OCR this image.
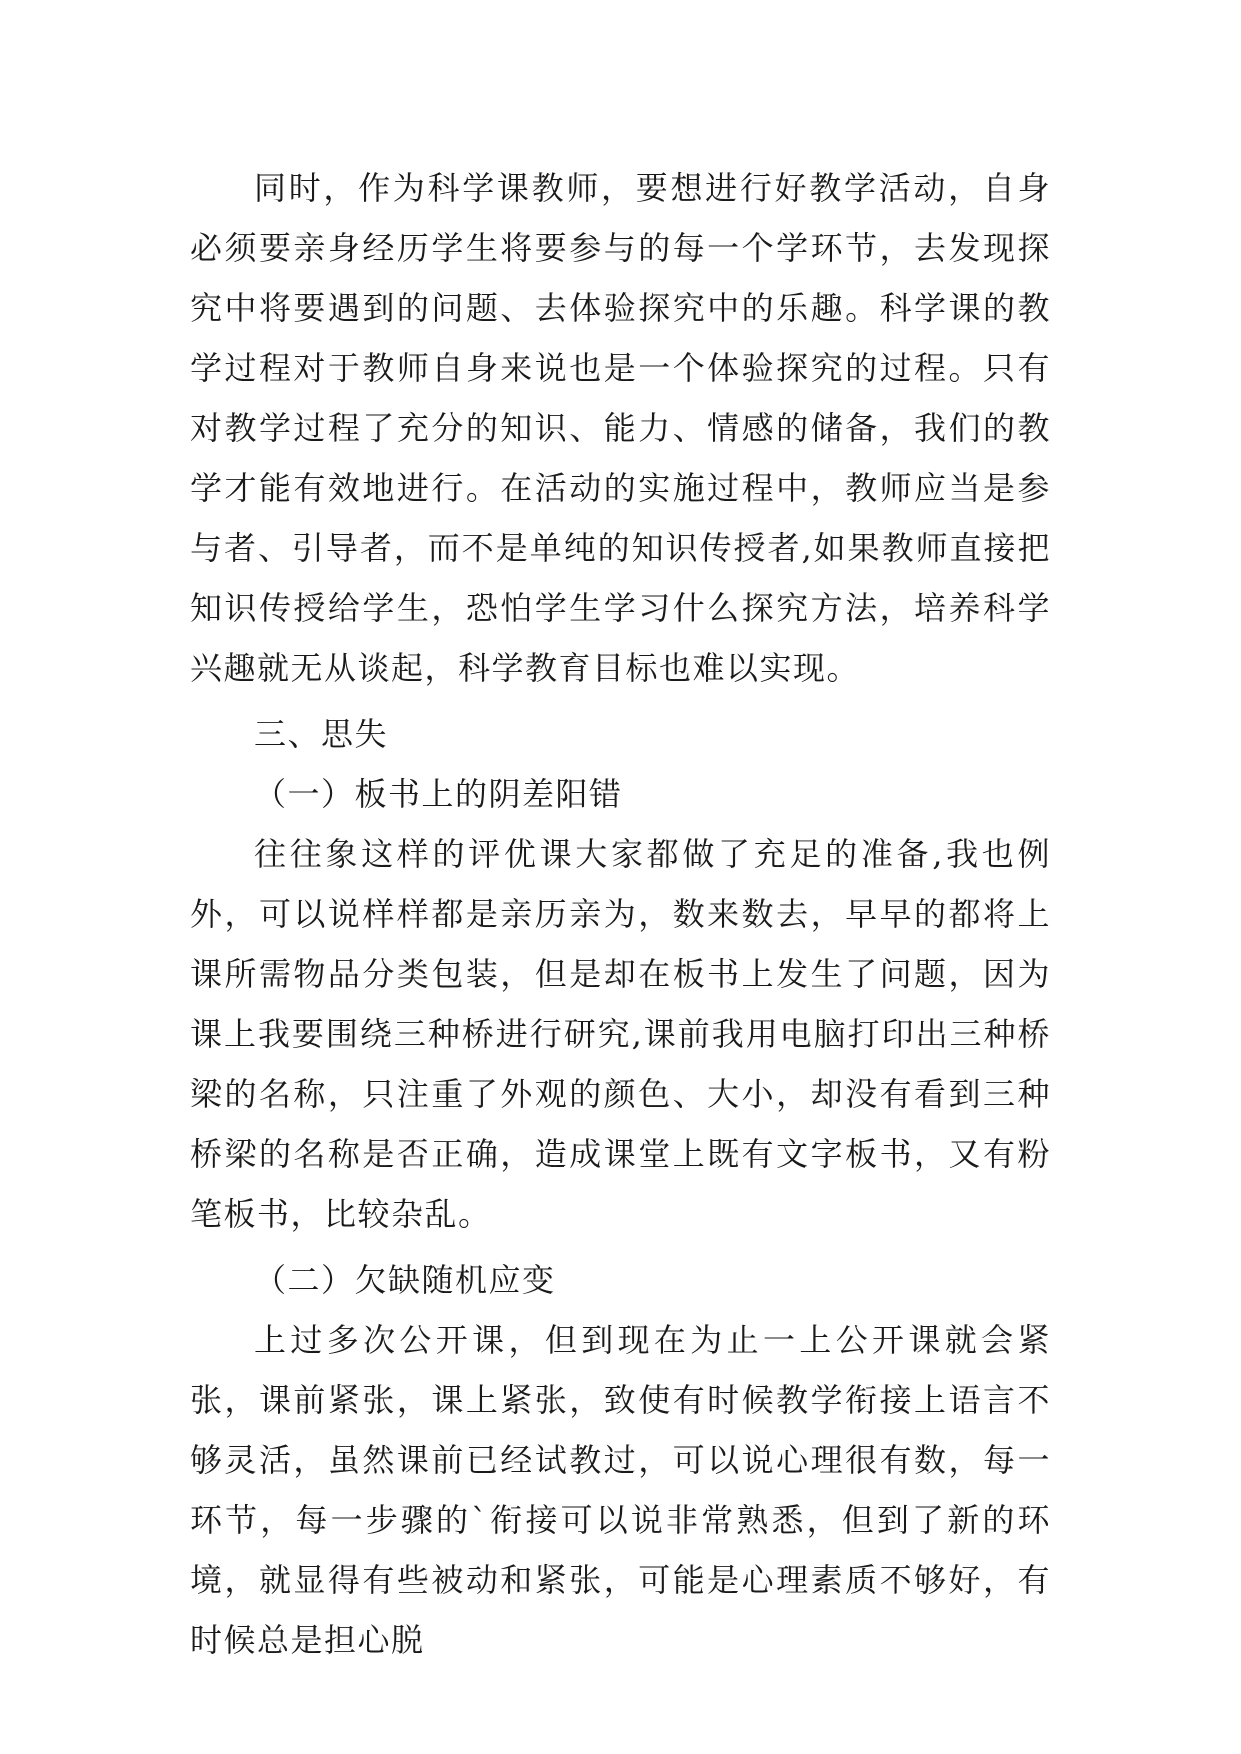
同时，作为科学课教师，要想进行好教学活动，自身必须要亲身经历学生将要参与的每一个学环节，去发现探究中将要遇到的问题、去体验探究中的乐趣。科学课的教学过程对于教师自身来说也是一个体验探究的过程。只有对教学过程了充分的知识、能力、情感的储备，我们的教学才能有效地进行。在活动的实施过程中，教师应当是参与者、引导者，而不是单纯的知识传授者,如果教师直接把知识传授给学生，恐怕学生学习什么探究方法，培养科学兴趣就无从谈起，科学教育目标也难以实现。

三、思失

（一）板书上的阴差阳错

往往象这样的评优课大家都做了充足的准备,我也例外，可以说样样都是亲历亲为，数来数去，早早的都将上课所需物品分类包装，但是却在板书上发生了问题，因为课上我要围绕三种桥进行研究,课前我用电脑打印出三种桥梁的名称，只注重了外观的颜色、大小，却没有看到三种桥梁的名称是否正确，造成课堂上既有文字板书，又有粉笔板书，比较杂乱。

（二）欠缺随机应变

上过多次公开课，但到现在为止一上公开课就会紧张，课前紧张，课上紧张，致使有时候教学衔接上语言不够灵活，虽然课前已经试教过，可以说心理很有数，每一环节，每一步骤的`衔接可以说非常熟悉，但到了新的环境，就显得有些被动和紧张，可能是心理素质不够好，有时候总是担心脱
